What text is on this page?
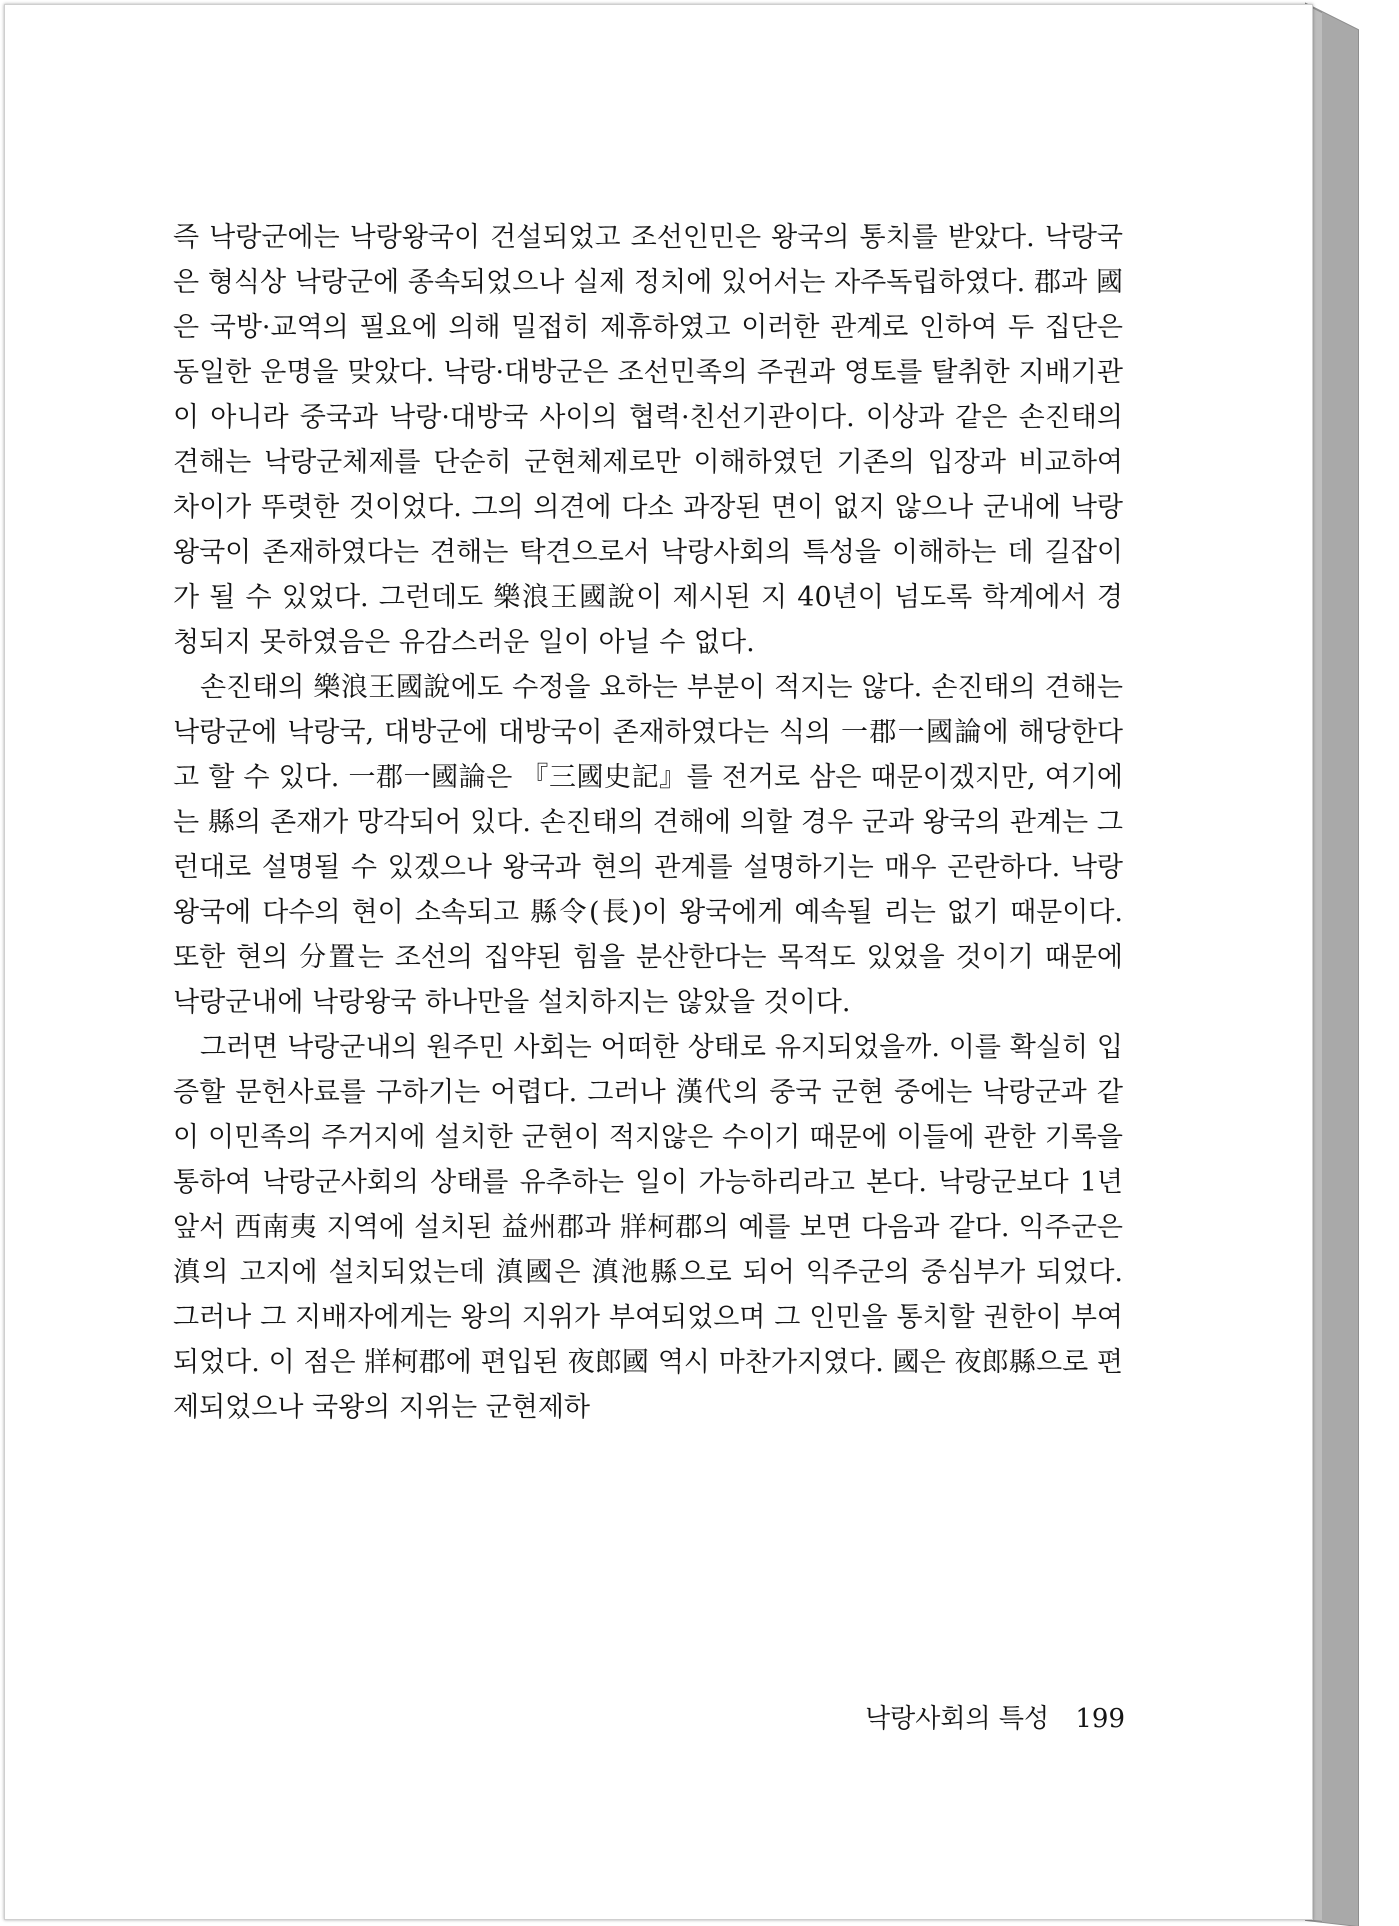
즉 낙랑군에는 낙랑왕국이 건설되었고 조선인민은 왕국의 통치를 받았다. 낙랑국은 형식상 낙랑군에 종속되었으나 실제 정치에 있어서는 자주독립하였다. 郡과 國은 국방·교역의 필요에 의해 밀접히 제휴하였고 이러한 관계로 인하여 두 집단은 동일한 운명을 맞았다. 낙랑·대방군은 조선민족의 주권과 영토를 탈취한 지배기관이 아니라 중국과 낙랑·대방국 사이의 협력·친선기관이다. 이상과 같은 손진태의 견해는 낙랑군체제를 단순히 군현체제로만 이해하였던 기존의 입장과 비교하여 차이가 뚜렷한 것이었다. 그의 의견에 다소 과장된 면이 없지 않으나 군내에 낙랑왕국이 존재하였다는 견해는 탁견으로서 낙랑사회의 특성을 이해하는 데 길잡이가 될 수 있었다. 그런데도 樂浪王國說이 제시된 지 40년이 넘도록 학계에서 경청되지 못하였음은 유감스러운 일이 아닐 수 없다.

손진태의 樂浪王國說에도 수정을 요하는 부분이 적지는 않다. 손진태의 견해는 낙랑군에 낙랑국, 대방군에 대방국이 존재하였다는 식의 一郡一國論에 해당한다고 할 수 있다. 一郡一國論은 『三國史記』를 전거로 삼은 때문이겠지만, 여기에는 縣의 존재가 망각되어 있다. 손진태의 견해에 의할 경우 군과 왕국의 관계는 그런대로 설명될 수 있겠으나 왕국과 현의 관계를 설명하기는 매우 곤란하다. 낙랑왕국에 다수의 현이 소속되고 縣令(長)이 왕국에게 예속될 리는 없기 때문이다. 또한 현의 分置는 조선의 집약된 힘을 분산한다는 목적도 있었을 것이기 때문에 낙랑군내에 낙랑왕국 하나만을 설치하지는 않았을 것이다.

그러면 낙랑군내의 원주민 사회는 어떠한 상태로 유지되었을까. 이를 확실히 입증할 문헌사료를 구하기는 어렵다. 그러나 漢代의 중국 군현 중에는 낙랑군과 같이 이민족의 주거지에 설치한 군현이 적지않은 수이기 때문에 이들에 관한 기록을 통하여 낙랑군사회의 상태를 유추하는 일이 가능하리라고 본다. 낙랑군보다 1년 앞서 西南夷 지역에 설치된 益州郡과 牂柯郡의 예를 보면 다음과 같다. 익주군은 滇의 고지에 설치되었는데 滇國은 滇池縣으로 되어 익주군의 중심부가 되었다. 그러나 그 지배자에게는 왕의 지위가 부여되었으며 그 인민을 통치할 권한이 부여되었다. 이 점은 牂柯郡에 편입된 夜郎國 역시 마찬가지였다. 國은 夜郎縣으로 편제되었으나 국왕의 지위는 군현제하

낙랑사회의 특성 199
